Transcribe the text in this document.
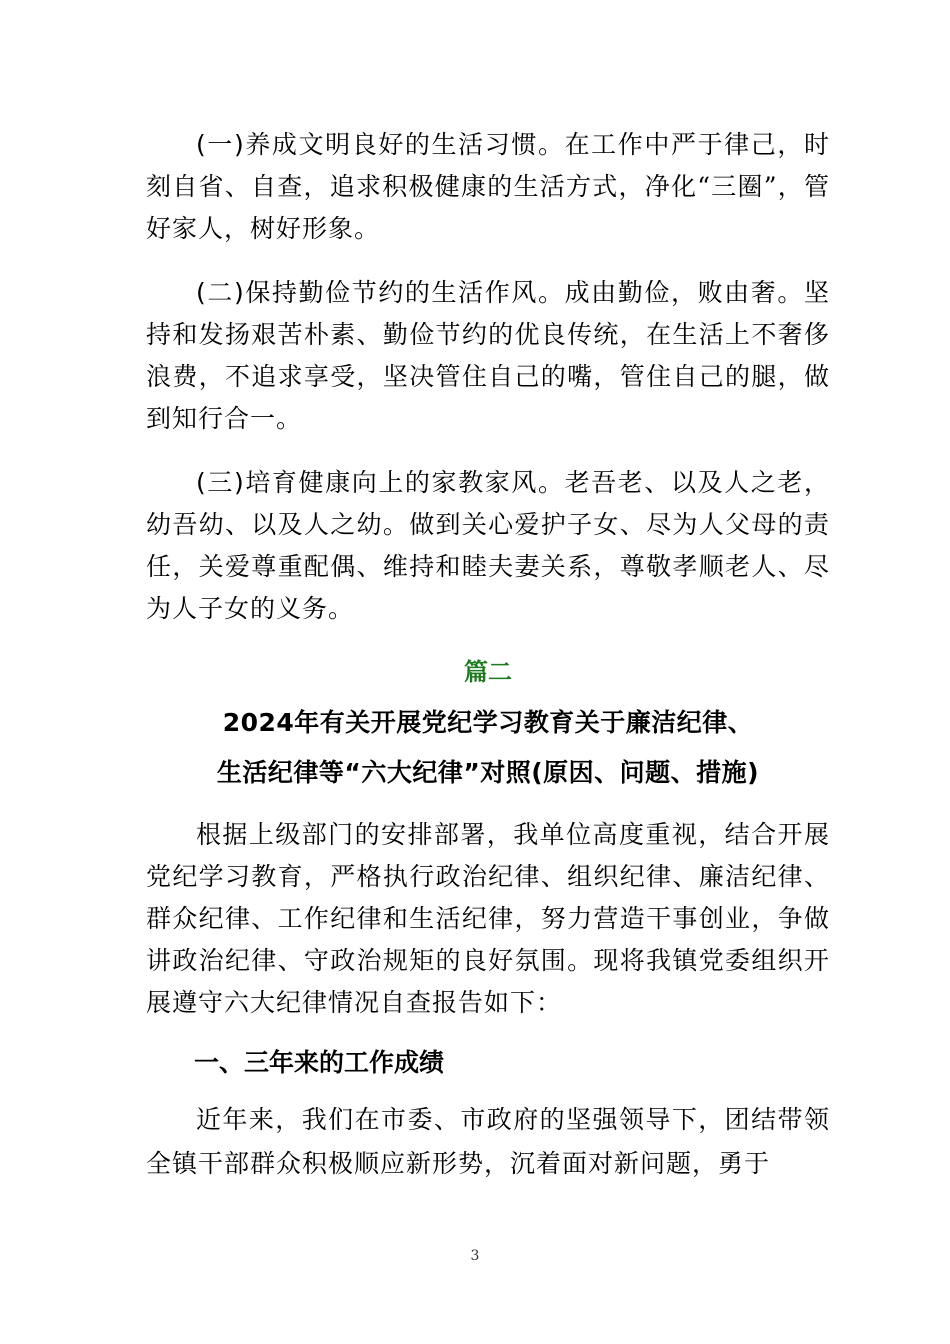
(一)养成文明良好的生活习惯。在工作中严于律己，时刻自省、自查，追求积极健康的生活方式，净化“三圈”，管好家人，树好形象。

(二)保持勤俭节约的生活作风。成由勤俭，败由奢。坚持和发扬艰苦朴素、勤俭节约的优良传统，在生活上不奢侈浪费，不追求享受，坚决管住自己的嘴，管住自己的腿，做到知行合一。

(三)培育健康向上的家教家风。老吾老、以及人之老，幼吾幼、以及人之幼。做到关心爱护子女、尽为人父母的责任，关爱尊重配偶、维持和睦夫妻关系，尊敬孝顺老人、尽为人子女的义务。

篇二

2024年有关开展党纪学习教育关于廉洁纪律、
生活纪律等“六大纪律”对照(原因、问题、措施)

根据上级部门的安排部署，我单位高度重视，结合开展党纪学习教育，严格执行政治纪律、组织纪律、廉洁纪律、群众纪律、工作纪律和生活纪律，努力营造干事创业，争做讲政治纪律、守政治规矩的良好氛围。现将我镇党委组织开展遵守六大纪律情况自查报告如下：

一、三年来的工作成绩

近年来，我们在市委、市政府的坚强领导下，团结带领全镇干部群众积极顺应新形势，沉着面对新问题，勇于

3
